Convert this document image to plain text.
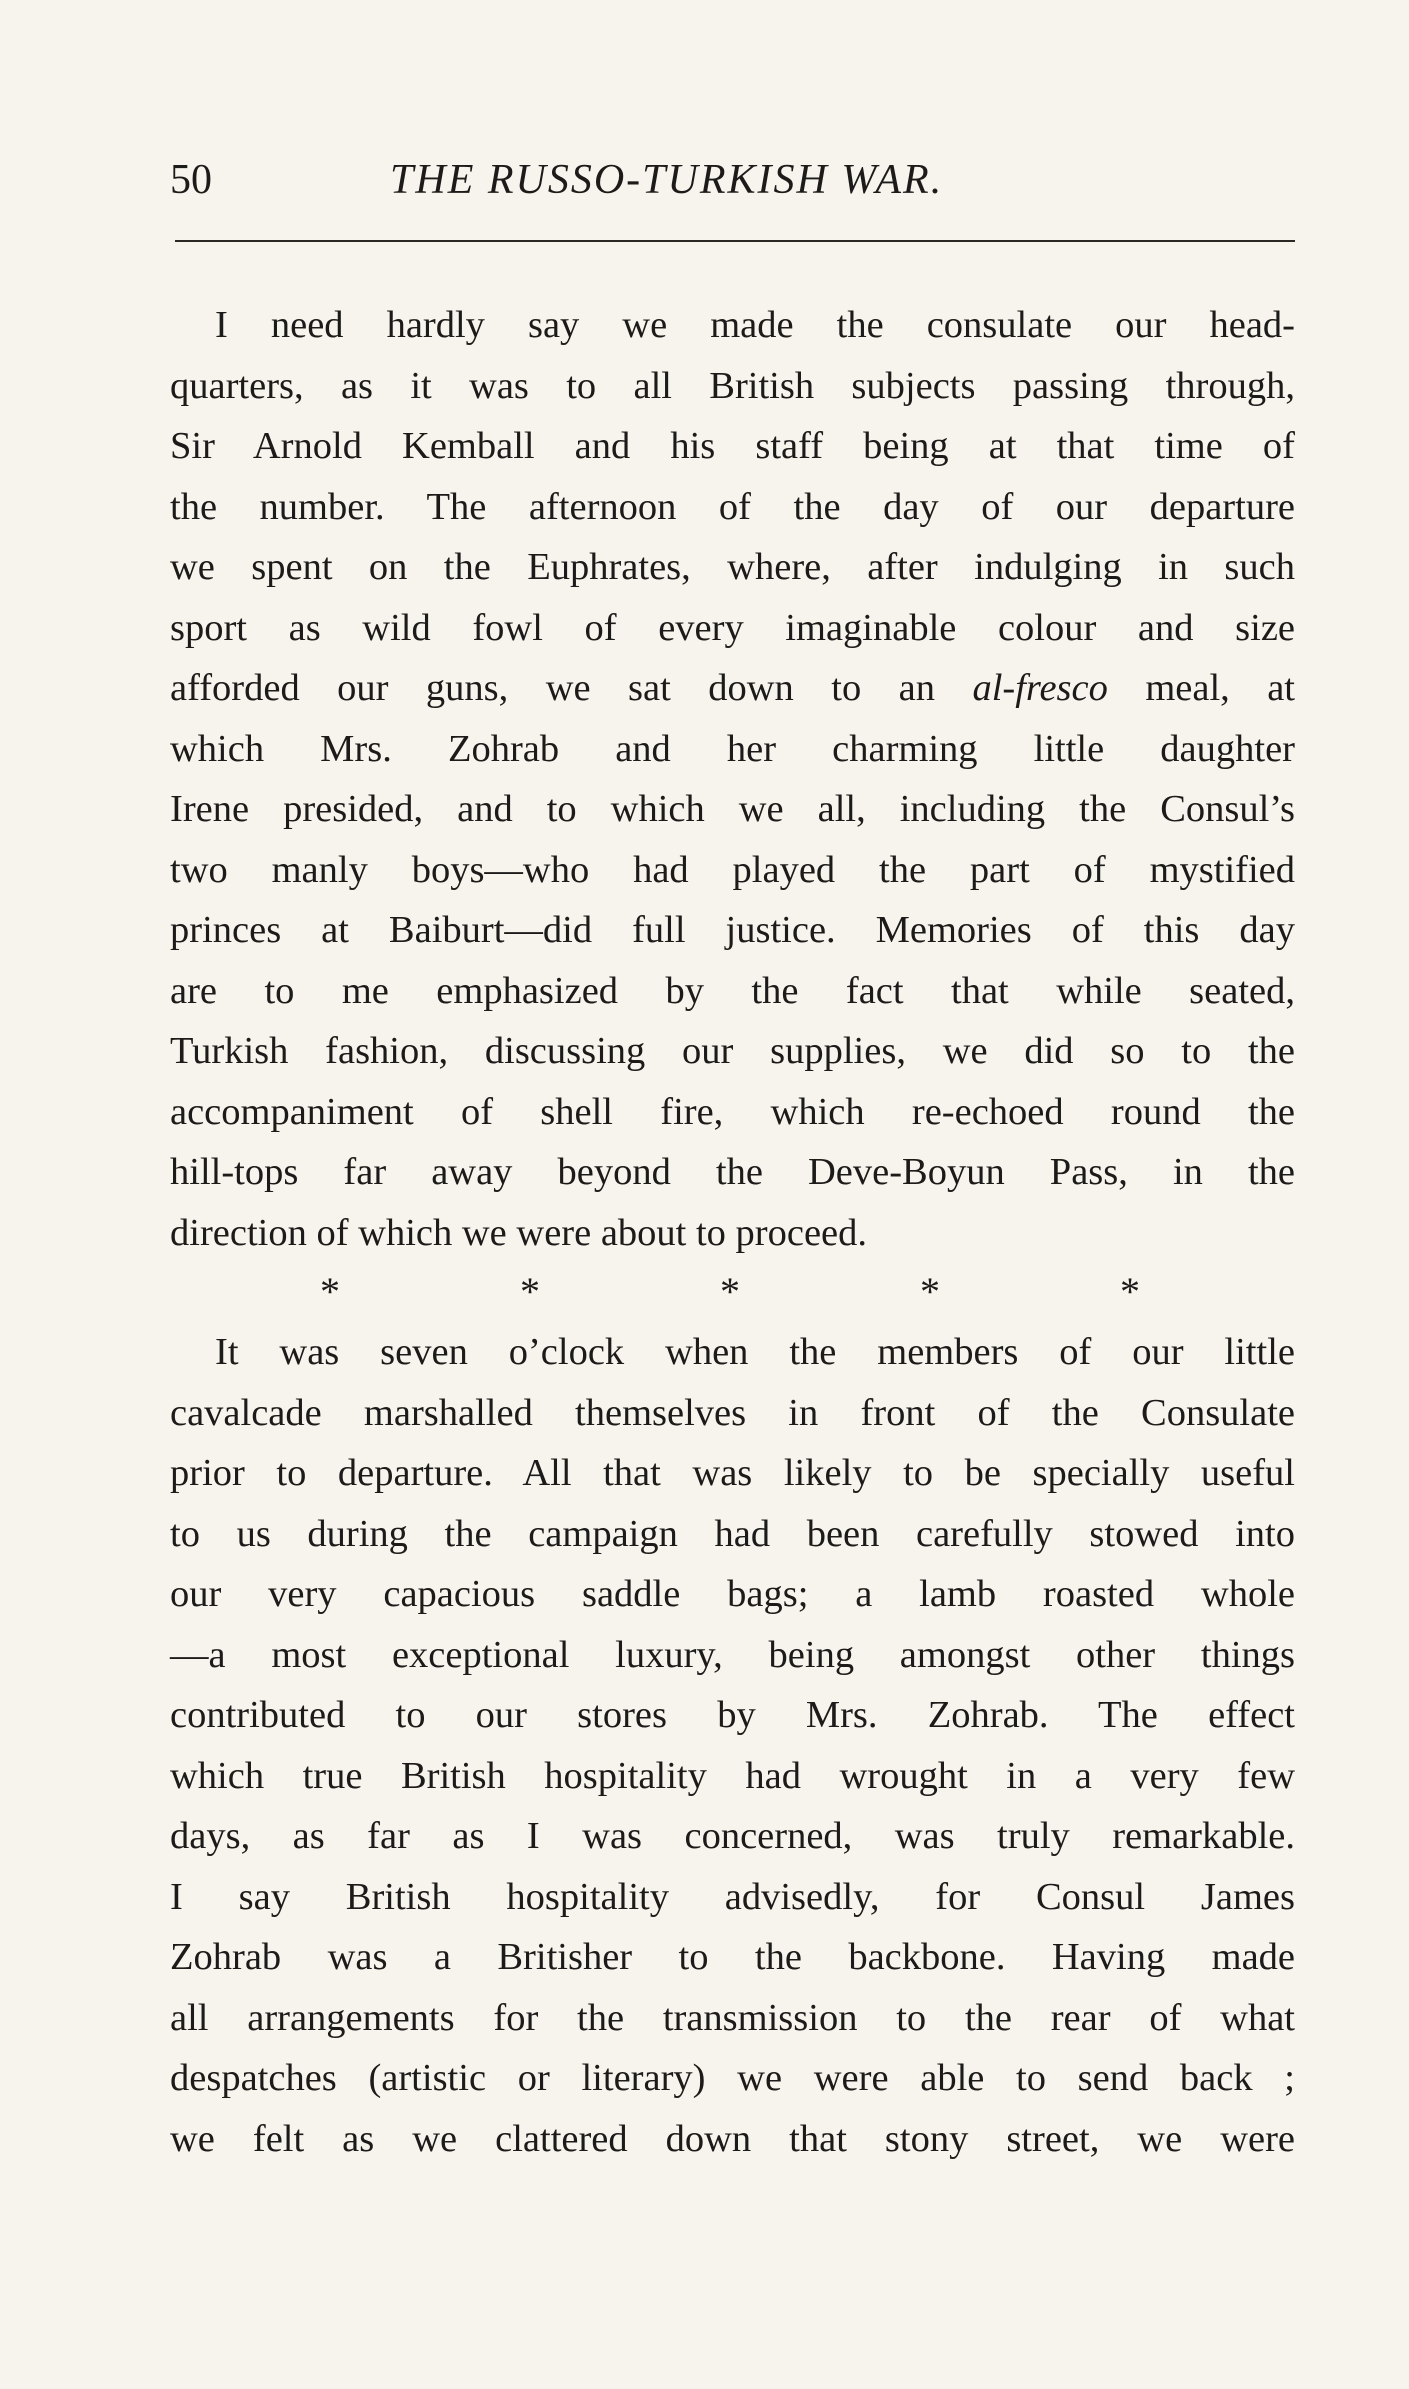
50	THE RUSSO-TURKISH WAR.
I need hardly say we made the consulate our head-
quarters, as it was to all British subjects passing through,
Sir Arnold Kemball and his staff being at that time of
the number. The afternoon of the day of our departure
we spent on the Euphrates, where, after indulging in such
sport as wild fowl of every imaginable colour and size
afforded our guns, we sat down to an al-fresco meal, at
which Mrs. Zohrab and her charming little daughter
Irene presided, and to which we all, including the Consul’s
two manly boys—who had played the part of mystified
princes at Baiburt—did full justice. Memories of this day
are to me emphasized by the fact that while seated,
Turkish fashion, discussing our supplies, we did so to the
accompaniment of shell fire, which re-echoed round the
hill-tops far away beyond the Deve-Boyun Pass, in the
direction of which we were about to proceed.
*	*	*	*	*
It was seven o’clock when the members of our little
cavalcade marshalled themselves in front of the Consulate
prior to departure. All that was likely to be specially useful
to us during the campaign had been carefully stowed into
our very capacious saddle bags; a lamb roasted whole
—a most exceptional luxury, being amongst other things
contributed to our stores by Mrs. Zohrab. The effect
which true British hospitality had wrought in a very few
days, as far as I was concerned, was truly remarkable.
I say British hospitality advisedly, for Consul James
Zohrab was a Britisher to the backbone. Having made
all arrangements for the transmission to the rear of what
despatches (artistic or literary) we were able to send back ;
we felt as we clattered down that stony street, we were
